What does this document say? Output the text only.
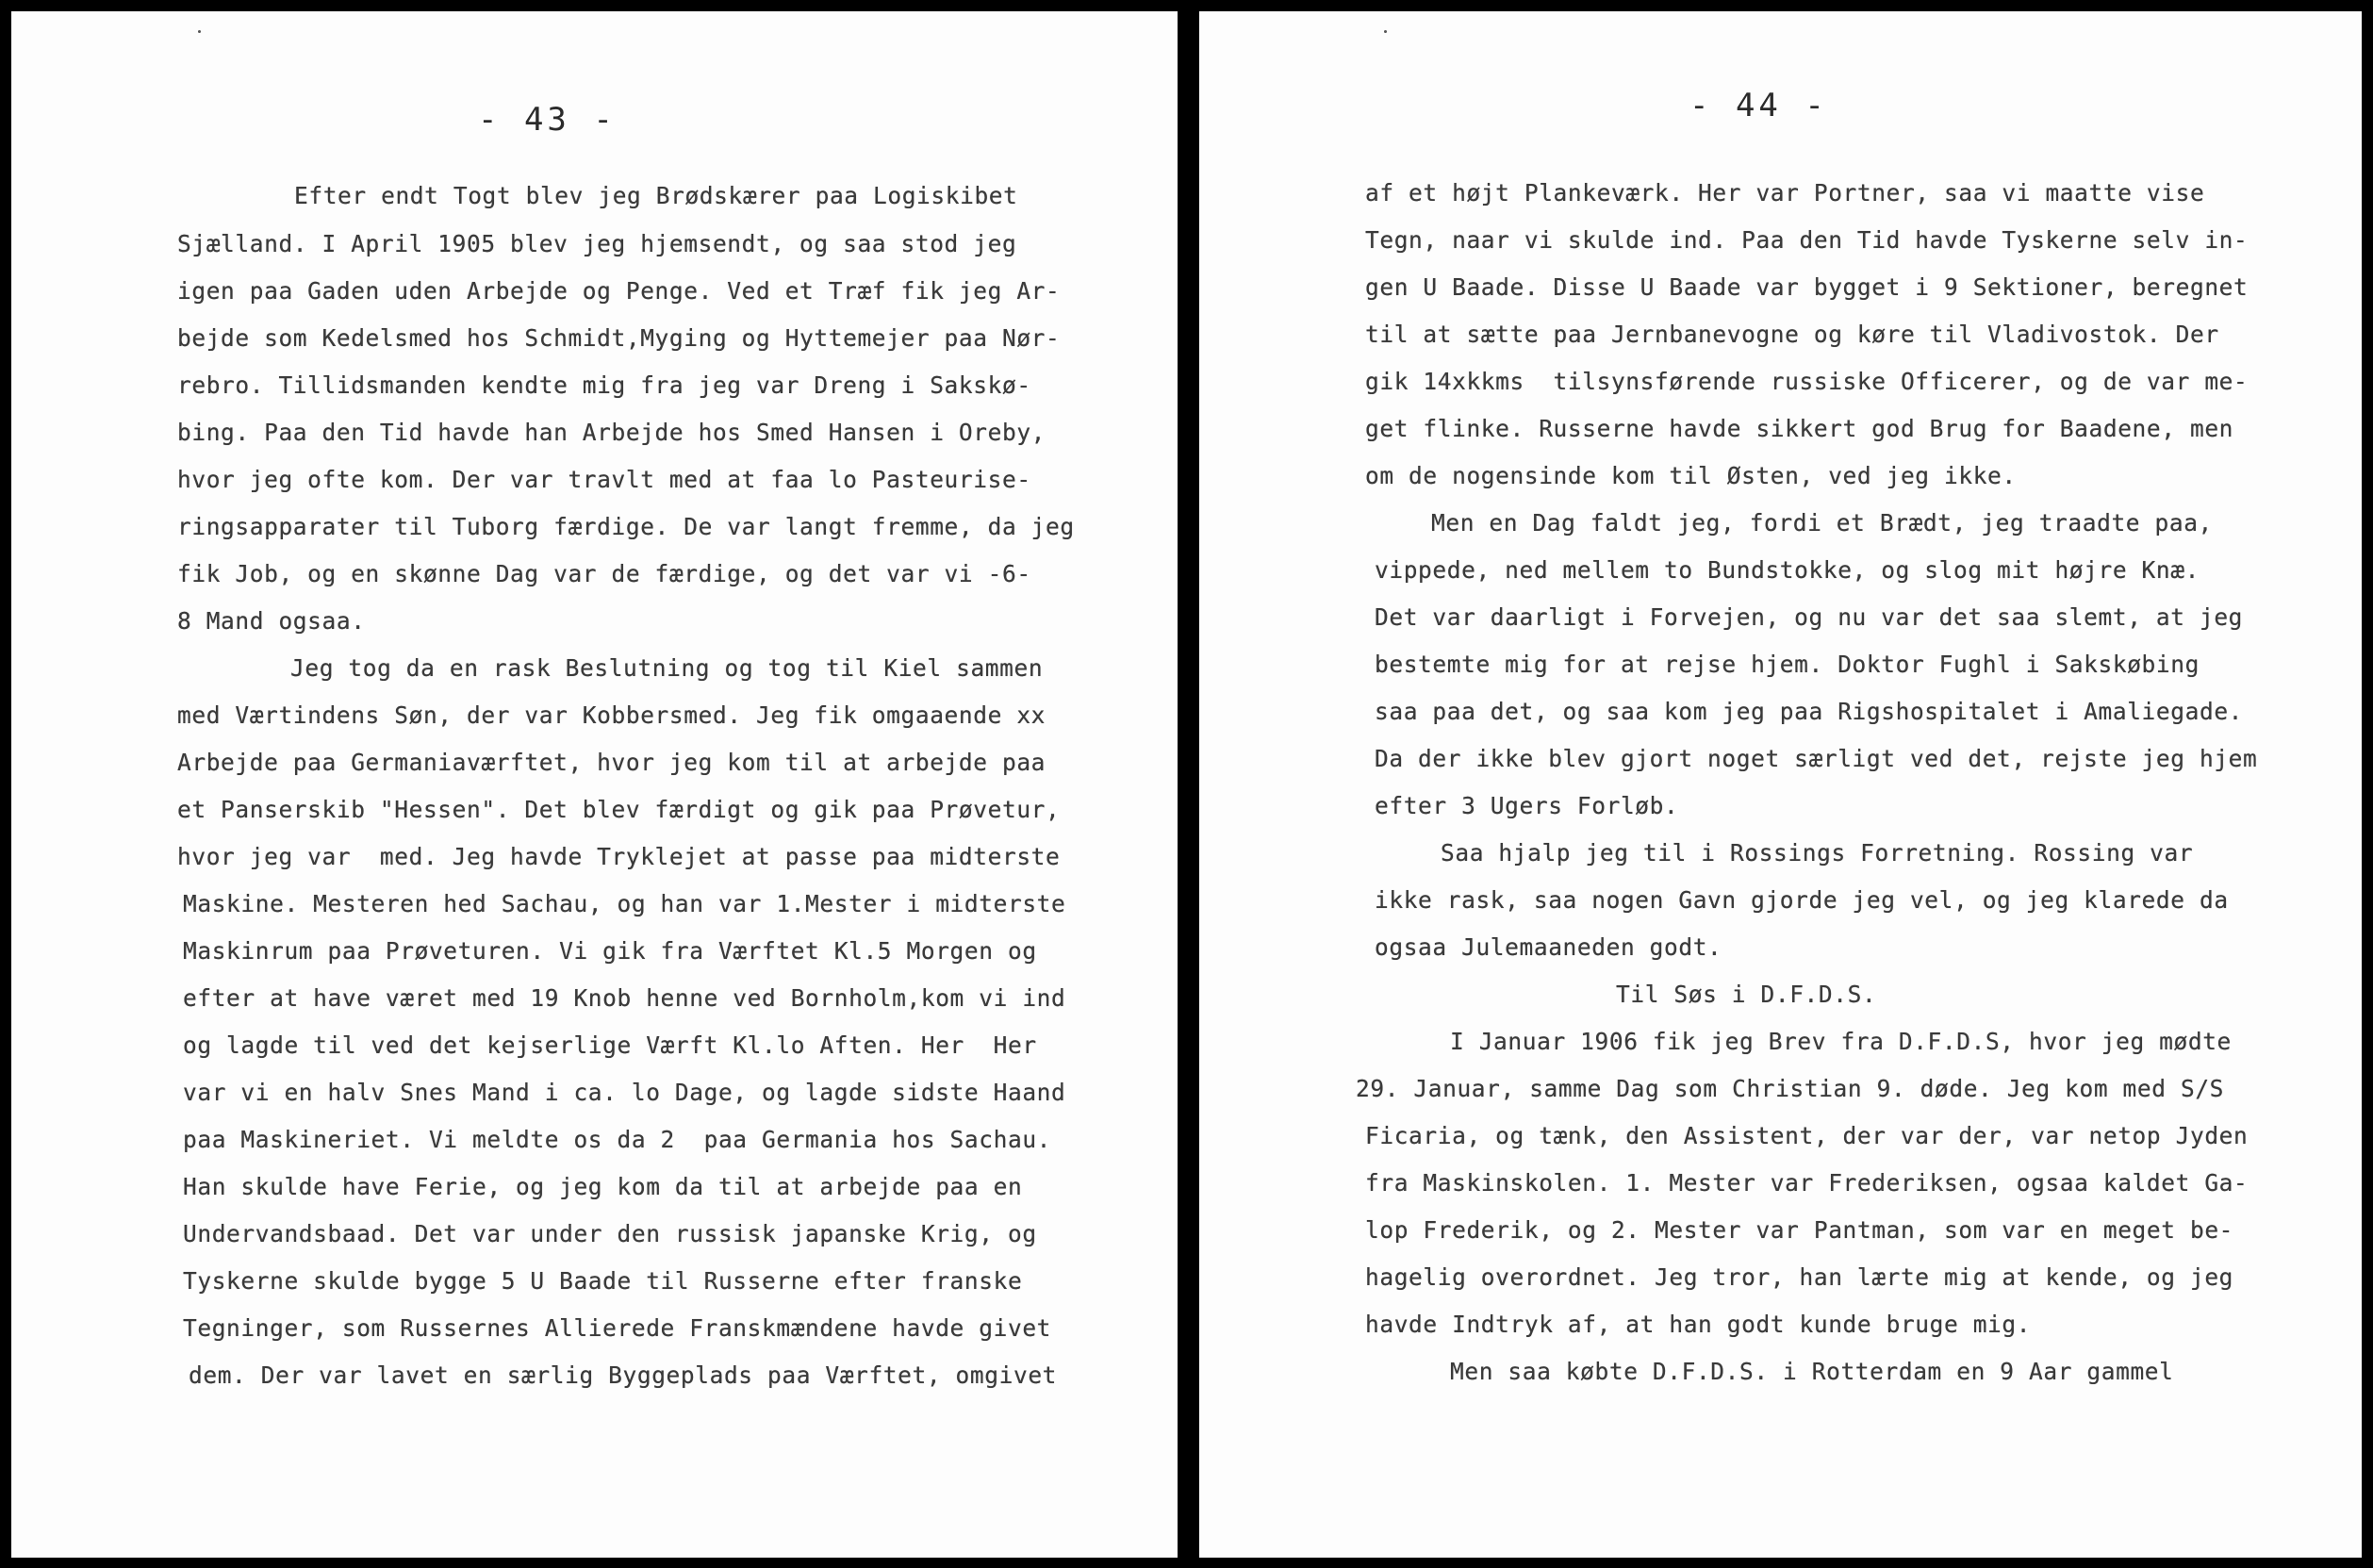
- 43 -
Efter endt Togt blev jeg Brødskærer paa Logiskibet
Sjælland. I April 1905 blev jeg hjemsendt, og saa stod jeg
igen paa Gaden uden Arbejde og Penge. Ved et Træf fik jeg Ar-
bejde som Kedelsmed hos Schmidt,Myging og Hyttemejer paa Nør-
rebro. Tillidsmanden kendte mig fra jeg var Dreng i Sakskø-
bing. Paa den Tid havde han Arbejde hos Smed Hansen i Oreby,
hvor jeg ofte kom. Der var travlt med at faa lo Pasteurise-
ringsapparater til Tuborg færdige. De var langt fremme, da jeg
fik Job, og en skønne Dag var de færdige, og det var vi -6-
8 Mand ogsaa.
Jeg tog da en rask Beslutning og tog til Kiel sammen
med Værtindens Søn, der var Kobbersmed. Jeg fik omgaaende xx
Arbejde paa Germaniaværftet, hvor jeg kom til at arbejde paa
et Panserskib "Hessen". Det blev færdigt og gik paa Prøvetur,
hvor jeg var  med. Jeg havde Tryklejet at passe paa midterste
Maskine. Mesteren hed Sachau, og han var 1.Mester i midterste
Maskinrum paa Prøveturen. Vi gik fra Værftet Kl.5 Morgen og
efter at have været med 19 Knob henne ved Bornholm,kom vi ind
og lagde til ved det kejserlige Værft Kl.lo Aften. Her  Her
var vi en halv Snes Mand i ca. lo Dage, og lagde sidste Haand
paa Maskineriet. Vi meldte os da 2  paa Germania hos Sachau.
Han skulde have Ferie, og jeg kom da til at arbejde paa en
Undervandsbaad. Det var under den russisk japanske Krig, og
Tyskerne skulde bygge 5 U Baade til Russerne efter franske
Tegninger, som Russernes Allierede Franskmændene havde givet
dem. Der var lavet en særlig Byggeplads paa Værftet, omgivet
- 44 -
af et højt Plankeværk. Her var Portner, saa vi maatte vise
Tegn, naar vi skulde ind. Paa den Tid havde Tyskerne selv in-
gen U Baade. Disse U Baade var bygget i 9 Sektioner, beregnet
til at sætte paa Jernbanevogne og køre til Vladivostok. Der
gik 14xkkms  tilsynsførende russiske Officerer, og de var me-
get flinke. Russerne havde sikkert god Brug for Baadene, men
om de nogensinde kom til Østen, ved jeg ikke.
Men en Dag faldt jeg, fordi et Brædt, jeg traadte paa,
vippede, ned mellem to Bundstokke, og slog mit højre Knæ.
Det var daarligt i Forvejen, og nu var det saa slemt, at jeg
bestemte mig for at rejse hjem. Doktor Fughl i Sakskøbing
saa paa det, og saa kom jeg paa Rigshospitalet i Amaliegade.
Da der ikke blev gjort noget særligt ved det, rejste jeg hjem
efter 3 Ugers Forløb.
Saa hjalp jeg til i Rossings Forretning. Rossing var
ikke rask, saa nogen Gavn gjorde jeg vel, og jeg klarede da
ogsaa Julemaaneden godt.
Til Søs i D.F.D.S.
I Januar 1906 fik jeg Brev fra D.F.D.S, hvor jeg mødte
29. Januar, samme Dag som Christian 9. døde. Jeg kom med S/S
Ficaria, og tænk, den Assistent, der var der, var netop Jyden
fra Maskinskolen. 1. Mester var Frederiksen, ogsaa kaldet Ga-
lop Frederik, og 2. Mester var Pantman, som var en meget be-
hagelig overordnet. Jeg tror, han lærte mig at kende, og jeg
havde Indtryk af, at han godt kunde bruge mig.
Men saa købte D.F.D.S. i Rotterdam en 9 Aar gammel
